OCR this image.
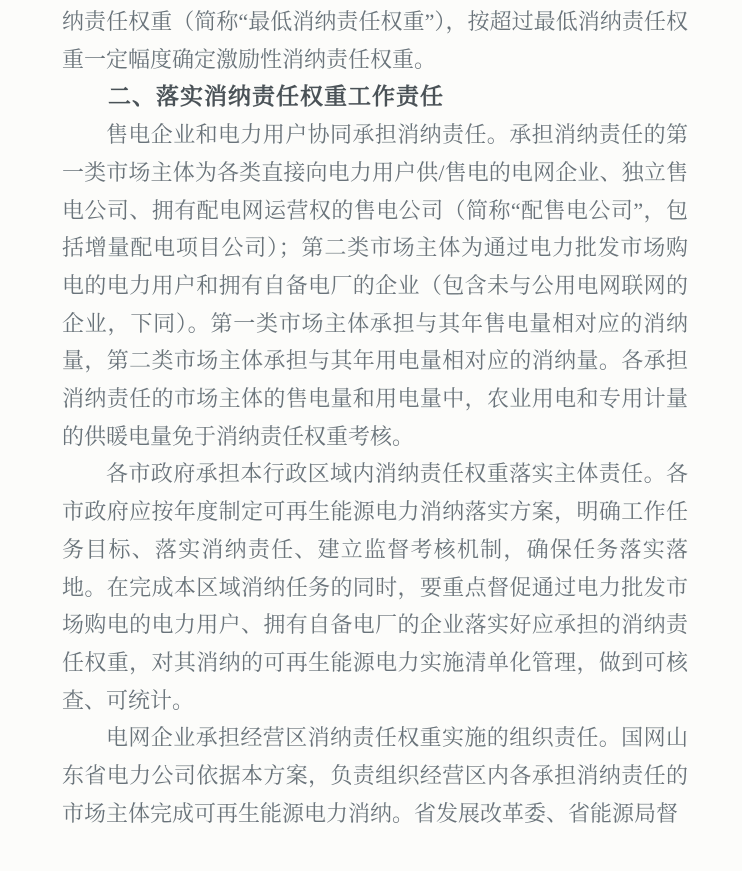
纳责任权重（简称“最低消纳责任权重”），按超过最低消纳责任权重一定幅度确定激励性消纳责任权重。

二、落实消纳责任权重工作责任

售电企业和电力用户协同承担消纳责任。承担消纳责任的第一类市场主体为各类直接向电力用户供/售电的电网企业、独立售电公司、拥有配电网运营权的售电公司（简称“配售电公司”，包括增量配电项目公司）；第二类市场主体为通过电力批发市场购电的电力用户和拥有自备电厂的企业（包含未与公用电网联网的企业，下同）。第一类市场主体承担与其年售电量相对应的消纳量，第二类市场主体承担与其年用电量相对应的消纳量。各承担消纳责任的市场主体的售电量和用电量中，农业用电和专用计量的供暖电量免于消纳责任权重考核。

各市政府承担本行政区域内消纳责任权重落实主体责任。各市政府应按年度制定可再生能源电力消纳落实方案，明确工作任务目标、落实消纳责任、建立监督考核机制，确保任务落实落地。在完成本区域消纳任务的同时，要重点督促通过电力批发市场购电的电力用户、拥有自备电厂的企业落实好应承担的消纳责任权重，对其消纳的可再生能源电力实施清单化管理，做到可核查、可统计。

电网企业承担经营区消纳责任权重实施的组织责任。国网山东省电力公司依据本方案，负责组织经营区内各承担消纳责任的市场主体完成可再生能源电力消纳。省发展改革委、省能源局督
